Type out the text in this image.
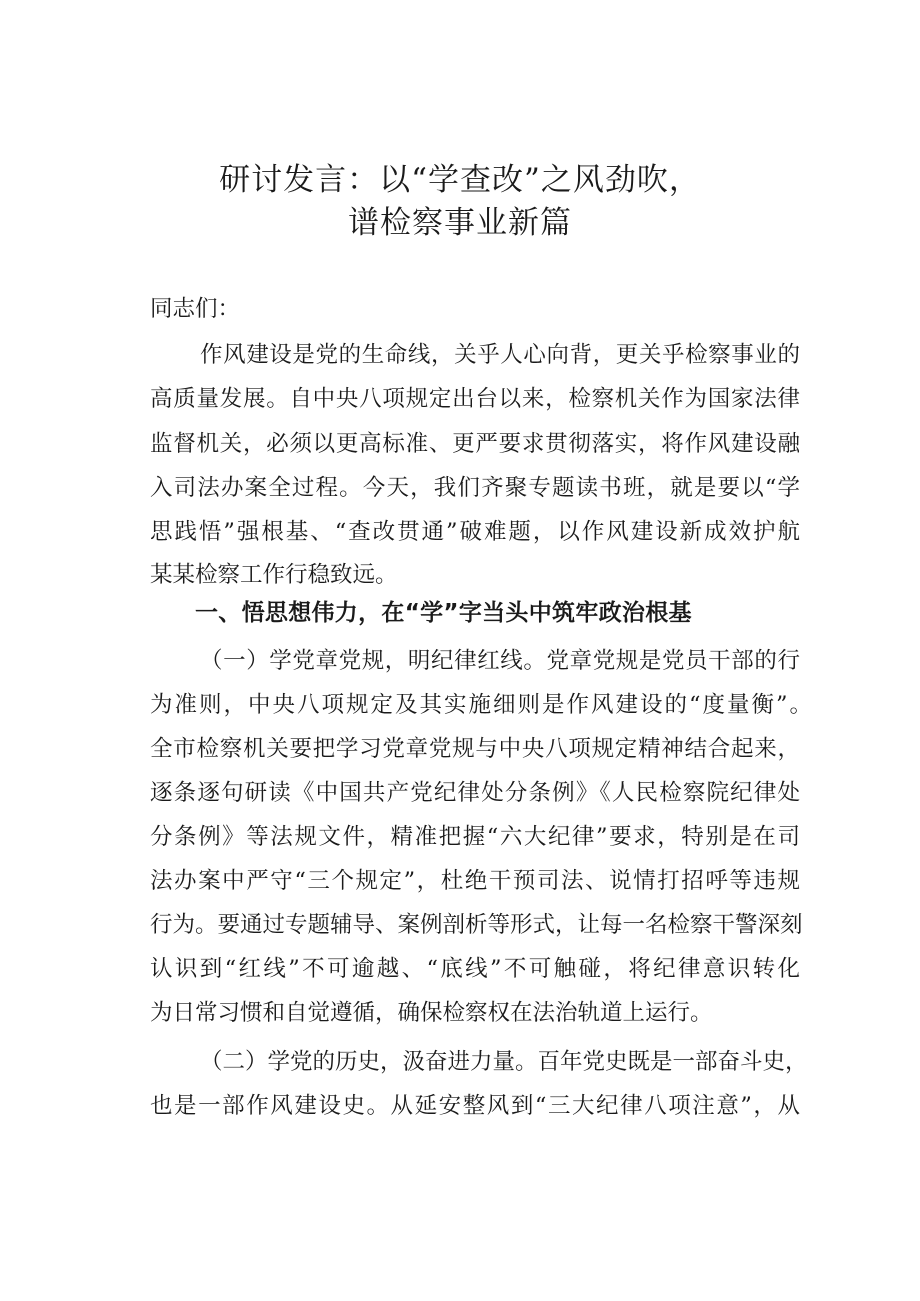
研讨发言：以“学查改”之风劲吹，
谱检察事业新篇
同志们：
作风建设是党的生命线，关乎人心向背，更关乎检察事业的
高质量发展。自中央八项规定出台以来，检察机关作为国家法律
监督机关，必须以更高标准、更严要求贯彻落实，将作风建设融
入司法办案全过程。今天，我们齐聚专题读书班，就是要以“学
思践悟”强根基、“查改贯通”破难题，以作风建设新成效护航
某某检察工作行稳致远。
一、悟思想伟力，在“学”字当头中筑牢政治根基
（一）学党章党规，明纪律红线。党章党规是党员干部的行
为准则，中央八项规定及其实施细则是作风建设的“度量衡”。
全市检察机关要把学习党章党规与中央八项规定精神结合起来，
逐条逐句研读《中国共产党纪律处分条例》《人民检察院纪律处
分条例》等法规文件，精准把握“六大纪律”要求，特别是在司
法办案中严守“三个规定”，杜绝干预司法、说情打招呼等违规
行为。要通过专题辅导、案例剖析等形式，让每一名检察干警深刻
认识到“红线”不可逾越、“底线”不可触碰，将纪律意识转化
为日常习惯和自觉遵循，确保检察权在法治轨道上运行。
（二）学党的历史，汲奋进力量。百年党史既是一部奋斗史，
也是一部作风建设史。从延安整风到“三大纪律八项注意”，从
